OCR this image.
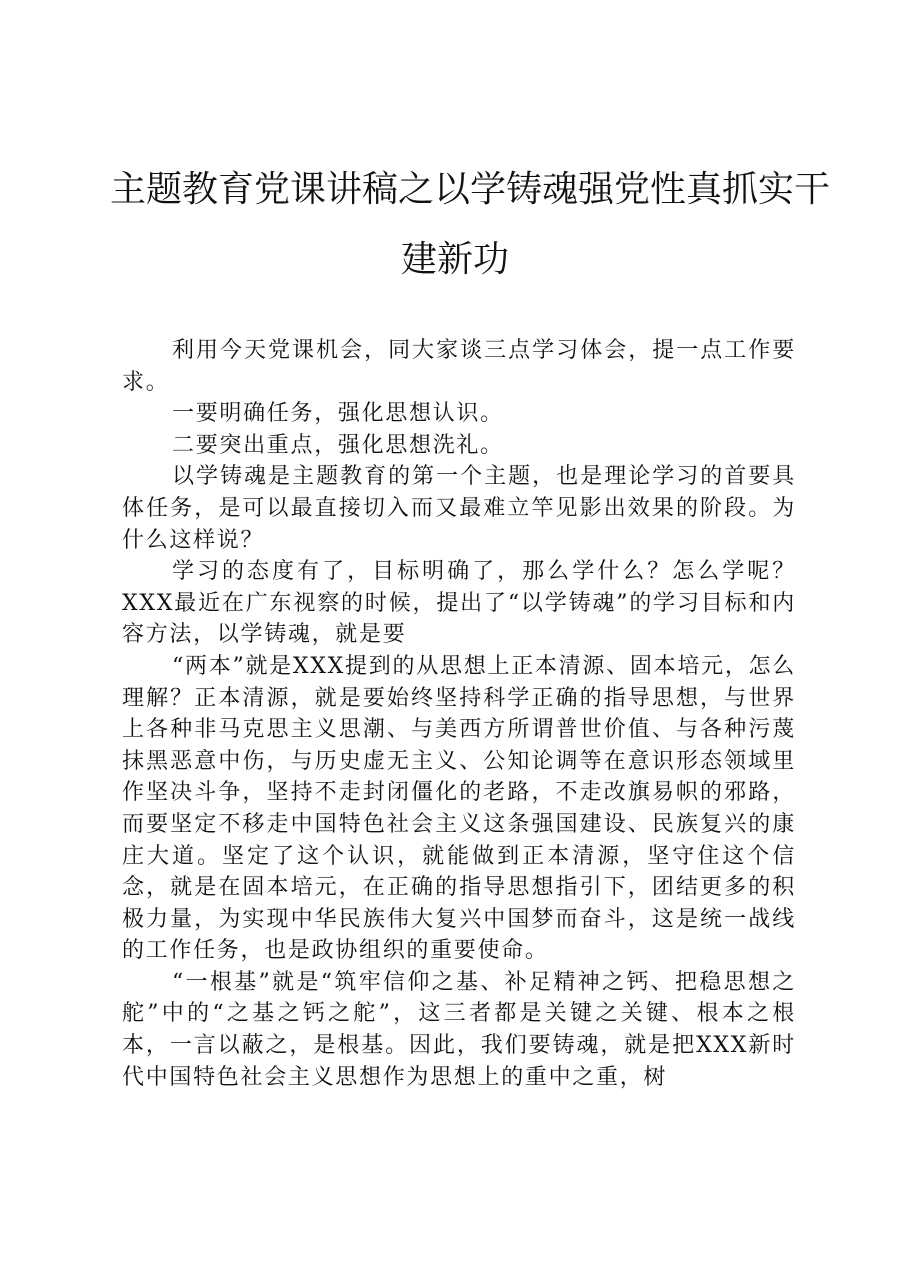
主题教育党课讲稿之以学铸魂强党性真抓实干
建新功

利用今天党课机会，同大家谈三点学习体会，提一点工作要求。

一要明确任务，强化思想认识。

二要突出重点，强化思想洗礼。

以学铸魂是主题教育的第一个主题，也是理论学习的首要具体任务，是可以最直接切入而又最难立竿见影出效果的阶段。为什么这样说？

学习的态度有了，目标明确了，那么学什么？怎么学呢？XXX最近在广东视察的时候，提出了“以学铸魂”的学习目标和内容方法，以学铸魂，就是要

“两本”就是XXX提到的从思想上正本清源、固本培元，怎么理解？正本清源，就是要始终坚持科学正确的指导思想，与世界上各种非马克思主义思潮、与美西方所谓普世价值、与各种污蔑抹黑恶意中伤，与历史虚无主义、公知论调等在意识形态领域里作坚决斗争，坚持不走封闭僵化的老路，不走改旗易帜的邪路，而要坚定不移走中国特色社会主义这条强国建设、民族复兴的康庄大道。坚定了这个认识，就能做到正本清源，坚守住这个信念，就是在固本培元，在正确的指导思想指引下，团结更多的积极力量，为实现中华民族伟大复兴中国梦而奋斗，这是统一战线的工作任务，也是政协组织的重要使命。

“一根基”就是“筑牢信仰之基、补足精神之钙、把稳思想之舵”中的“之基之钙之舵”，这三者都是关键之关键、根本之根本，一言以蔽之，是根基。因此，我们要铸魂，就是把XXX新时代中国特色社会主义思想作为思想上的重中之重，树
